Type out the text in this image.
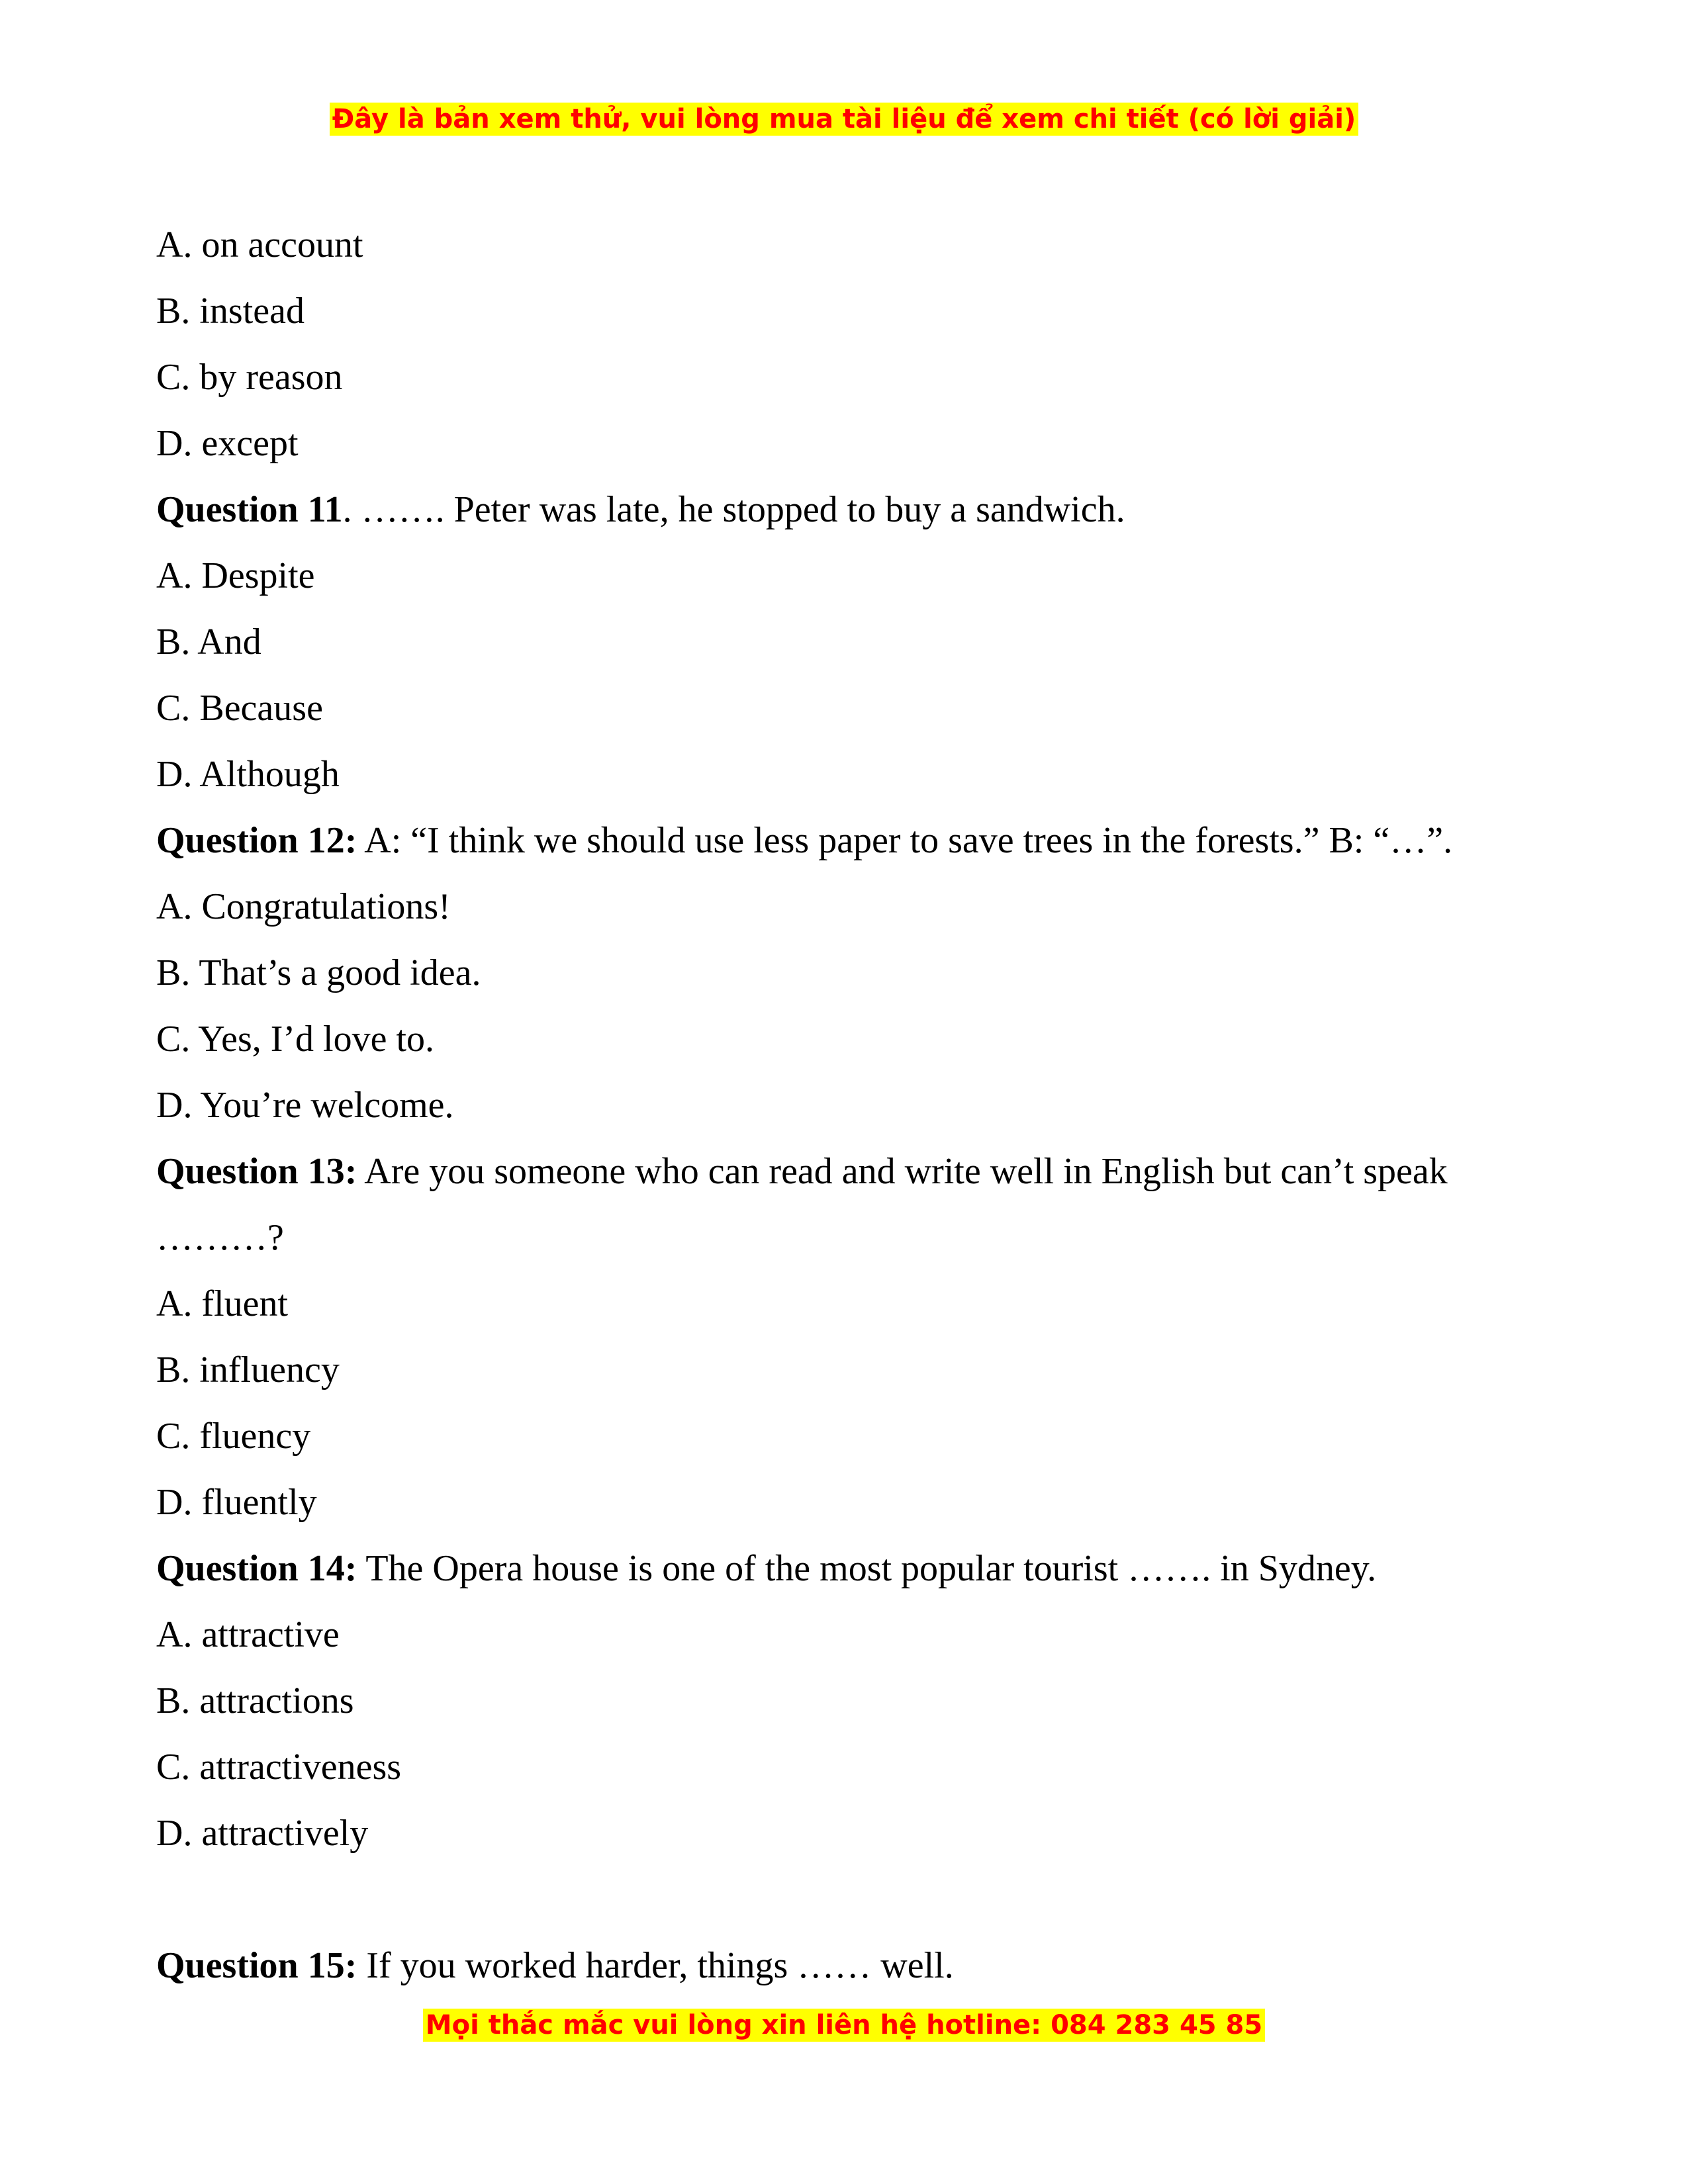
Đây là bản xem thử, vui lòng mua tài liệu để xem chi tiết (có lời giải)
A. on account
B. instead
C. by reason
D. except
Question 11. ……. Peter was late, he stopped to buy a sandwich.
A. Despite
B. And
C. Because
D. Although
Question 12: A: “I think we should use less paper to save trees in the forests.” B: “…”.
A. Congratulations!
B. That’s a good idea.
C. Yes, I’d love to.
D. You’re welcome.
Question 13: Are you someone who can read and write well in English but can’t speak
………?
A. fluent
B. influency
C. fluency
D. fluently
Question 14: The Opera house is one of the most popular tourist ……. in Sydney.
A. attractive
B. attractions
C. attractiveness
D. attractively
Question 15: If you worked harder, things …… well.
Mọi thắc mắc vui lòng xin liên hệ hotline: 084 283 45 85
